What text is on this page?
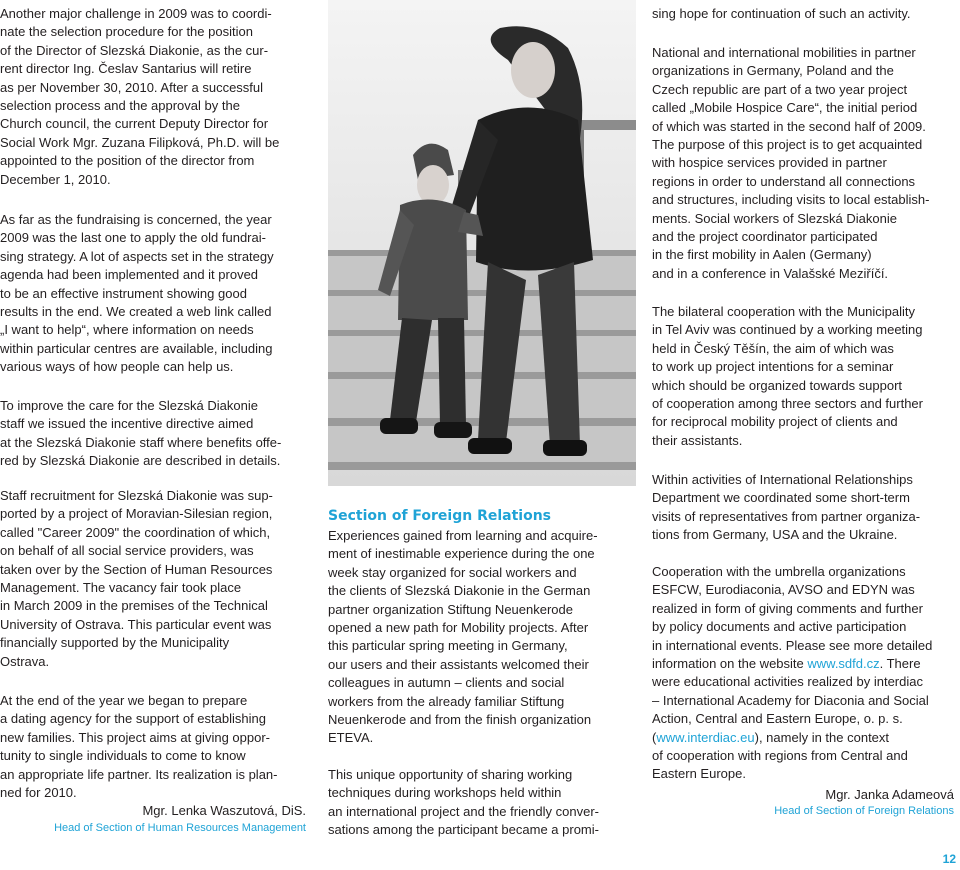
Another major challenge in 2009 was to coordi-
nate the selection procedure for the position
of the Director of Slezská Diakonie, as the cur-
rent director Ing. Česlav Santarius will retire
as per November 30, 2010. After a successful
selection process and the approval by the
Church council, the current Deputy Director for
Social Work Mgr. Zuzana Filipková, Ph.D. will be
appointed to the position of the director from
December 1, 2010.

As far as the fundraising is concerned, the year
2009 was the last one to apply the old fundrai-
sing strategy. A lot of aspects set in the strategy
agenda had been implemented and it proved
to be an effective instrument showing good
results in the end. We created a web link called
„I want to help“, where information on needs
within particular centres are available, including
various ways of how people can help us.

To improve the care for the Slezská Diakonie
staff we issued the incentive directive aimed
at the Slezská Diakonie staff where benefits offe-
red by Slezská Diakonie are described in details.

Staff recruitment for Slezská Diakonie was sup-
ported by a project of Moravian-Silesian region,
called "Career 2009" the coordination of which,
on behalf of all social service providers, was
taken over by the Section of Human Resources
Management. The vacancy fair took place
in March 2009 in the premises of the Technical
University of Ostrava. This particular event was
financially supported by the Municipality
Ostrava.

At the end of the year we began to prepare
a dating agency for the support of establishing
new families. This project aims at giving oppor-
tunity to single individuals to come to know
an appropriate life partner. Its realization is plan-
ned for 2010.

Mgr. Lenka Waszutová, DiS.

Head of Section of Human Resources Management

Section of Foreign Relations

Experiences gained from learning and acquire-
ment of inestimable experience during the one
week stay organized for social workers and
the clients of Slezská Diakonie in the German
partner organization Stiftung Neuenkerode
opened a new path for Mobility projects. After
this particular spring meeting in Germany,
our users and their assistants welcomed their
colleagues in autumn – clients and social
workers from the already familiar Stiftung
Neuenkerode and from the finish organization
ETEVA.

This unique opportunity of sharing working
techniques during workshops held within
an international project and the friendly conver-
sations among the participant became a promi-

sing hope for continuation of such an activity.

National and international mobilities in partner
organizations in Germany, Poland and the
Czech republic are part of a two year project
called „Mobile Hospice Care“, the initial period
of which was started in the second half of 2009.
The purpose of this project is to get acquainted
with hospice services provided in partner
regions in order to understand all connections
and structures, including visits to local establish-
ments. Social workers of Slezská Diakonie
and the project coordinator participated
in the first mobility in Aalen (Germany)
and in a conference in Valašské Meziříčí.

The bilateral cooperation with the Municipality
in Tel Aviv was continued by a working meeting
held in Český Těšín, the aim of which was
to work up project intentions for a seminar
which should be organized towards support
of cooperation among three sectors and further
for reciprocal mobility project of clients and
their assistants.

Within activities of International Relationships
Department we coordinated some short-term
visits of representatives from partner organiza-
tions from Germany, USA and the Ukraine.

Cooperation with the umbrella organizations
ESFCW, Eurodiaconia, AVSO and EDYN was
realized in form of giving comments and further
by policy documents and active participation
in international events. Please see more detailed
information on the website www.sdfd.cz. There
were educational activities realized by interdiac
– International Academy for Diaconia and Social
Action, Central and Eastern Europe, o. p. s.
(www.interdiac.eu), namely in the context
of cooperation with regions from Central and
Eastern Europe.

Mgr. Janka Adameová

Head of Section of Foreign Relations

12
